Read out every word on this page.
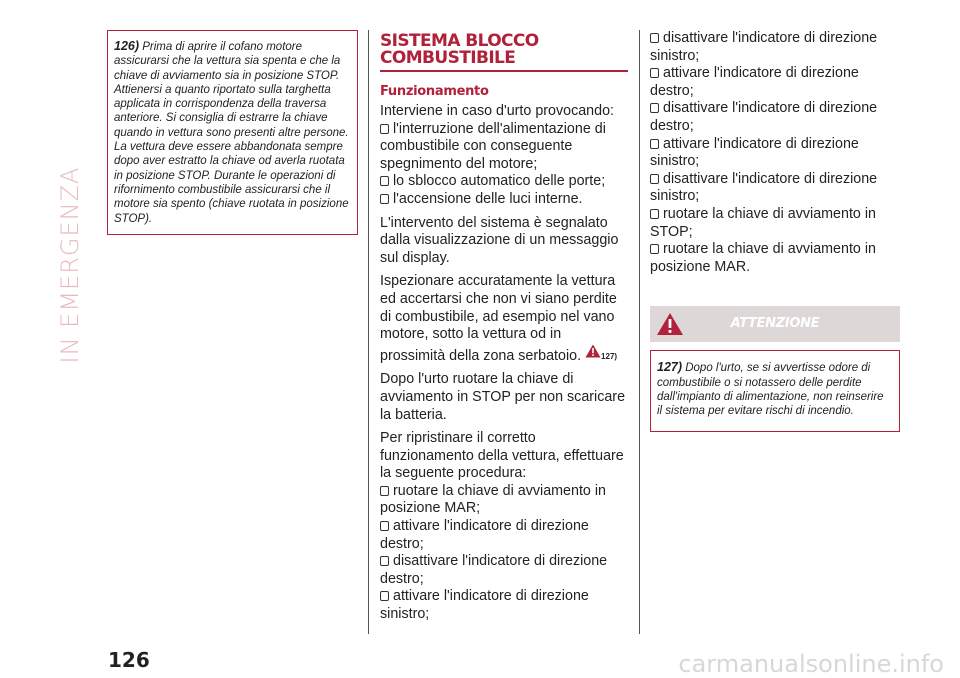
IN EMERGENZA
126) Prima di aprire il cofano motore assicurarsi che la vettura sia spenta e che la chiave di avviamento sia in posizione STOP. Attienersi a quanto riportato sulla targhetta applicata in corrispondenza della traversa anteriore. Si consiglia di estrarre la chiave quando in vettura sono presenti altre persone. La vettura deve essere abbandonata sempre dopo aver estratto la chiave od averla ruotata in posizione STOP. Durante le operazioni di rifornimento combustibile assicurarsi che il motore sia spento (chiave ruotata in posizione STOP).
SISTEMA BLOCCO
COMBUSTIBILE
Funzionamento
Interviene in caso d'urto provocando:
l'interruzione dell'alimentazione di combustibile con conseguente spegnimento del motore;
lo sblocco automatico delle porte;
l'accensione delle luci interne.
L'intervento del sistema è segnalato dalla visualizzazione di un messaggio sul display.
Ispezionare accuratamente la vettura ed accertarsi che non vi siano perdite di combustibile, ad esempio nel vano motore, sotto la vettura od in prossimità della zona serbatoio. 127)
Dopo l'urto ruotare la chiave di avviamento in STOP per non scaricare la batteria.
Per ripristinare il corretto funzionamento della vettura, effettuare la seguente procedura:
ruotare la chiave di avviamento in posizione MAR;
attivare l'indicatore di direzione destro;
disattivare l'indicatore di direzione destro;
attivare l'indicatore di direzione sinistro;
disattivare l'indicatore di direzione sinistro;
attivare l'indicatore di direzione destro;
disattivare l'indicatore di direzione destro;
attivare l'indicatore di direzione sinistro;
disattivare l'indicatore di direzione sinistro;
ruotare la chiave di avviamento in STOP;
ruotare la chiave di avviamento in posizione MAR.
ATTENZIONE
127) Dopo l'urto, se si avvertisse odore di combustibile o si notassero delle perdite dall'impianto di alimentazione, non reinserire il sistema per evitare rischi di incendio.
126	carmanualsonline.info
